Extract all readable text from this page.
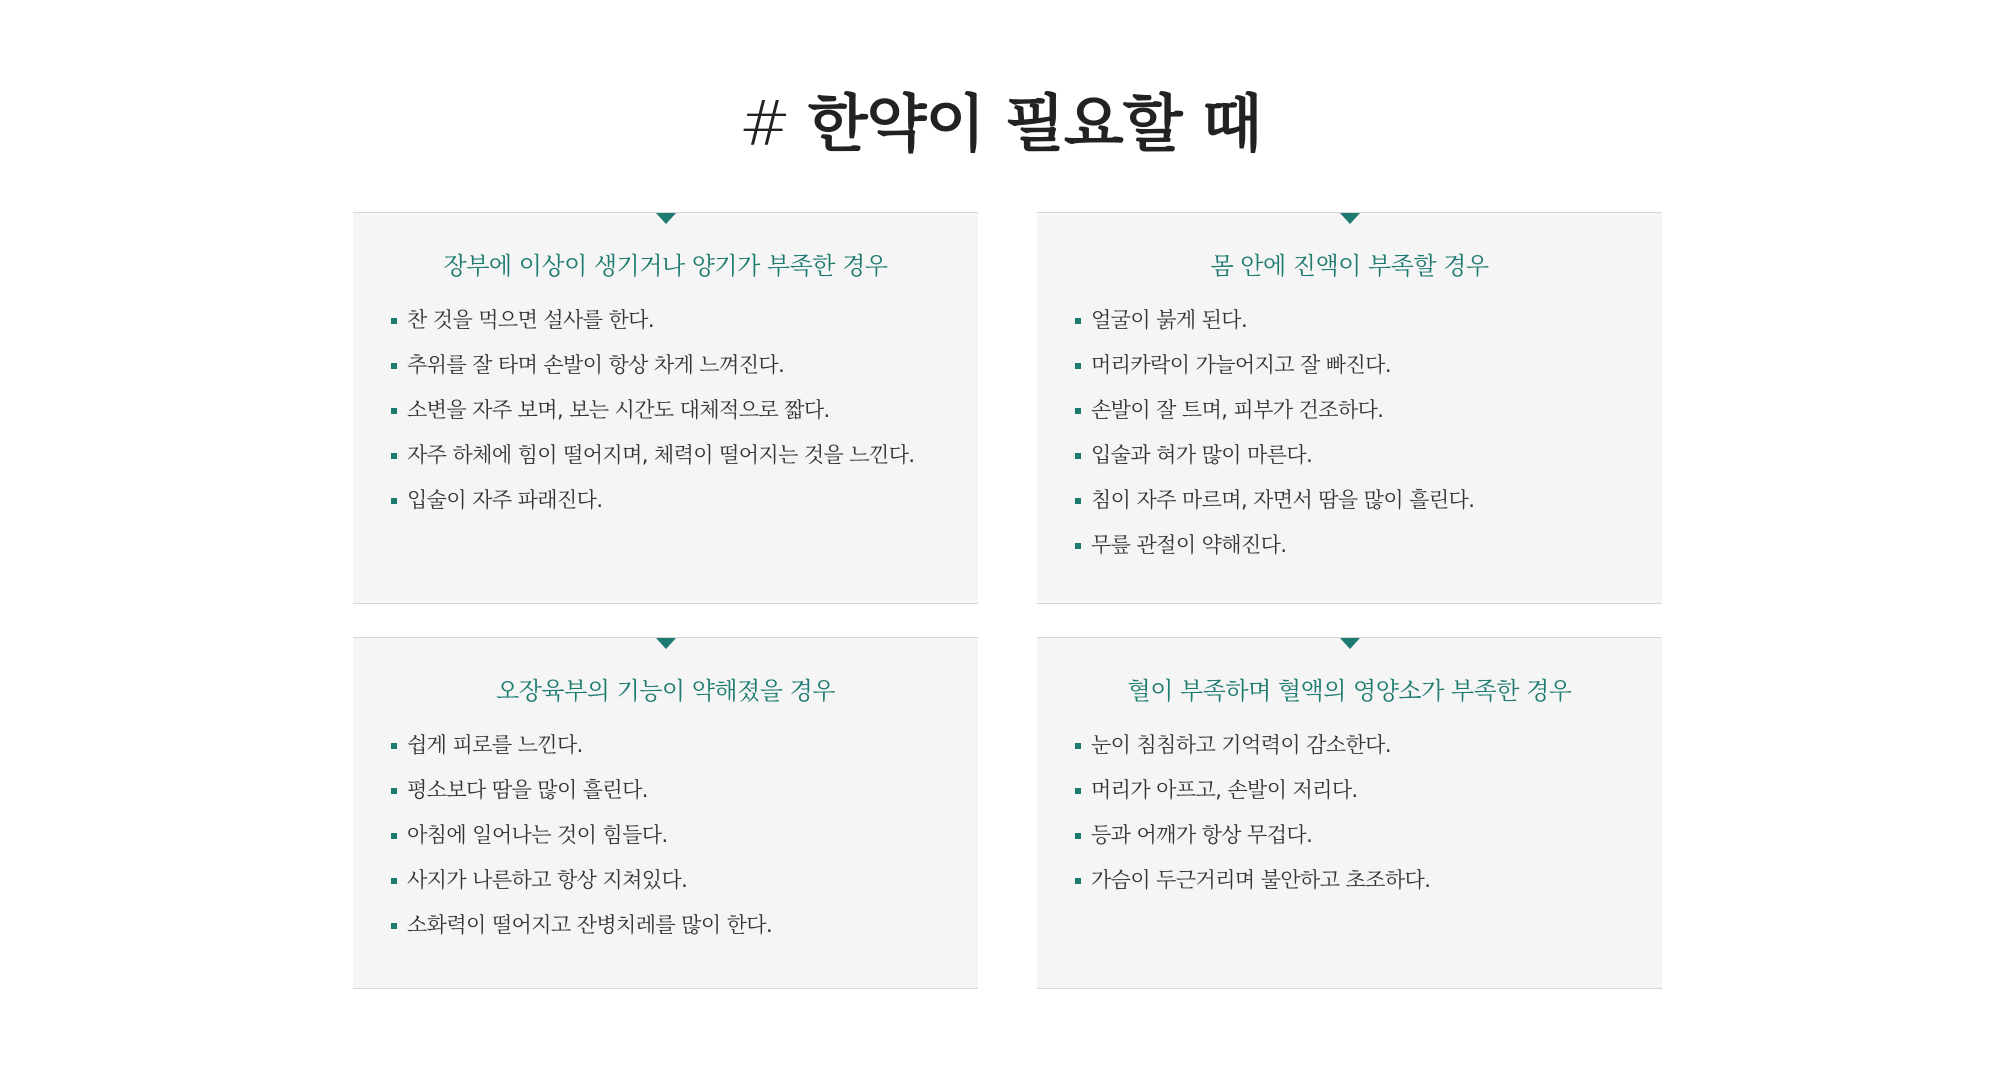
# 한약이 필요할 때
장부에 이상이 생기거나 양기가 부족한 경우
찬 것을 먹으면 설사를 한다.
추위를 잘 타며 손발이 항상 차게 느껴진다.
소변을 자주 보며, 보는 시간도 대체적으로 짧다.
자주 하체에 힘이 떨어지며, 체력이 떨어지는 것을 느낀다.
입술이 자주 파래진다.
몸 안에 진액이 부족할 경우
얼굴이 붉게 된다.
머리카락이 가늘어지고 잘 빠진다.
손발이 잘 트며, 피부가 건조하다.
입술과 혀가 많이 마른다.
침이 자주 마르며, 자면서 땀을 많이 흘린다.
무릎 관절이 약해진다.
오장육부의 기능이 약해졌을 경우
쉽게 피로를 느낀다.
평소보다 땀을 많이 흘린다.
아침에 일어나는 것이 힘들다.
사지가 나른하고 항상 지쳐있다.
소화력이 떨어지고 잔병치레를 많이 한다.
혈이 부족하며 혈액의 영양소가 부족한 경우
눈이 침침하고 기억력이 감소한다.
머리가 아프고, 손발이 저리다.
등과 어깨가 항상 무겁다.
가슴이 두근거리며 불안하고 초조하다.
